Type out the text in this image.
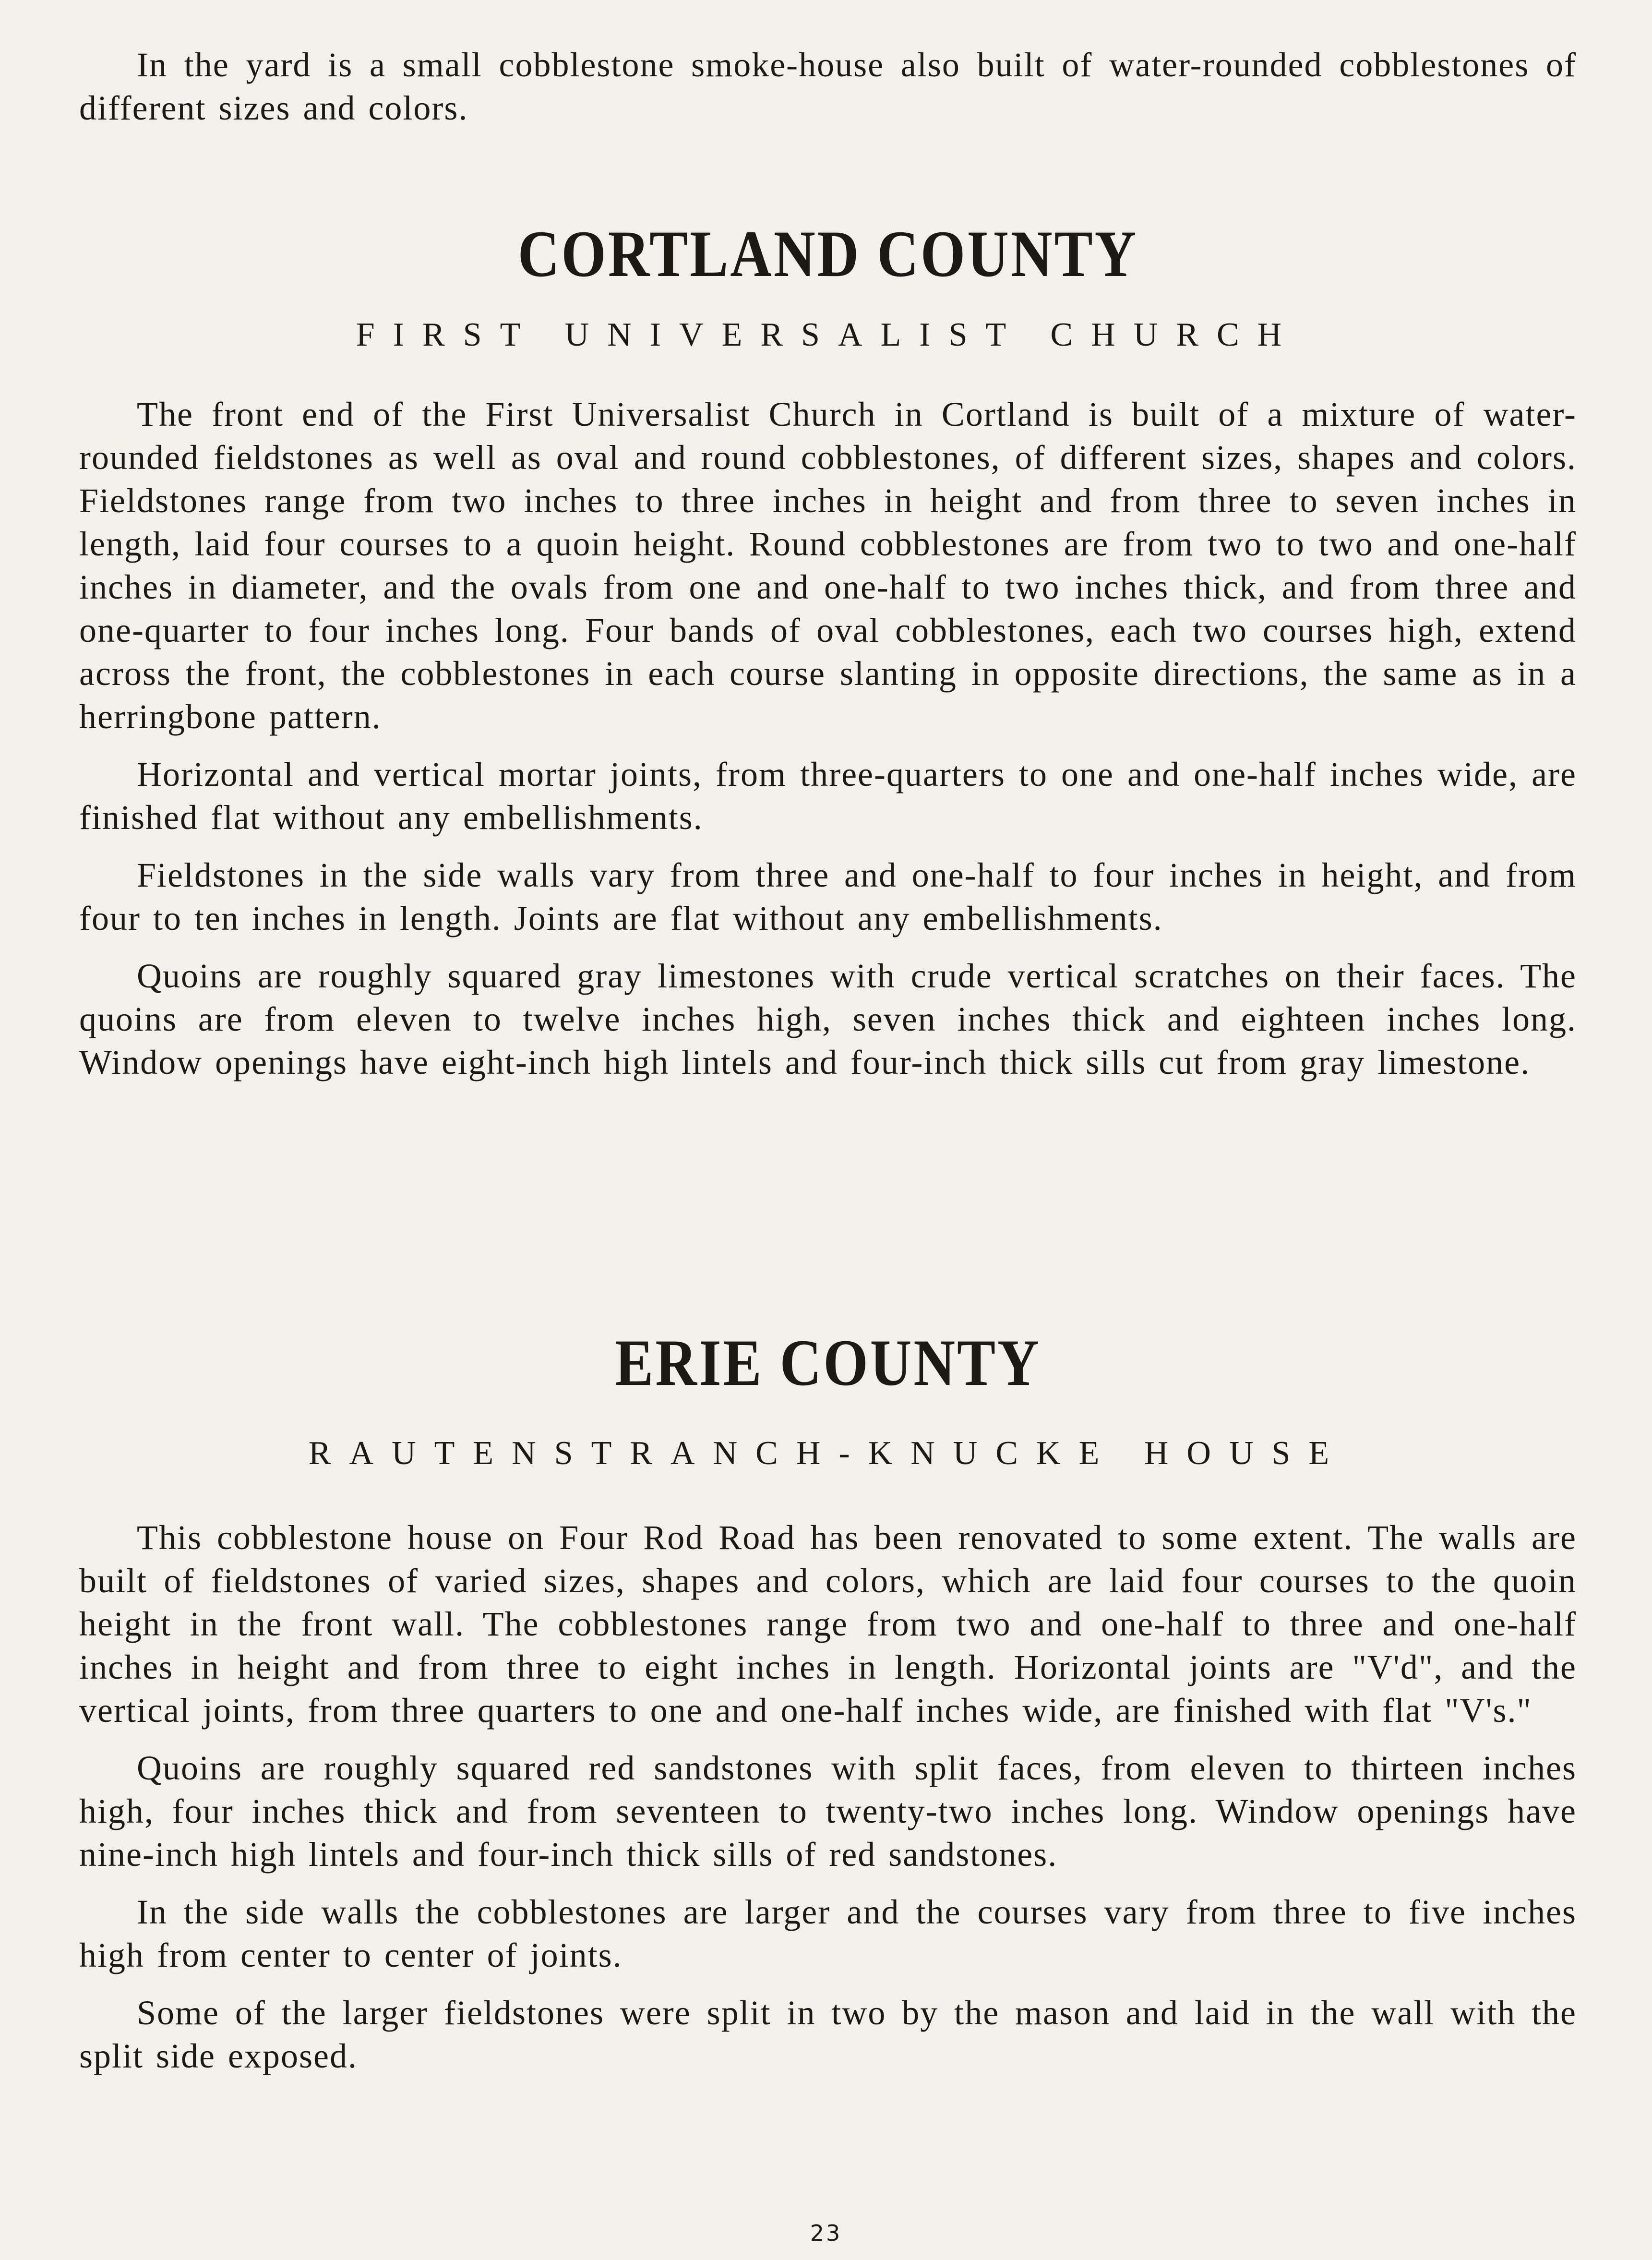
In the yard is a small cobblestone smoke-house also built of water-rounded cobblestones of different sizes and colors.

CORTLAND COUNTY
FIRST UNIVERSALIST CHURCH

The front end of the First Universalist Church in Cortland is built of a mixture of water-rounded fieldstones as well as oval and round cobblestones, of different sizes, shapes and colors. Fieldstones range from two inches to three inches in height and from three to seven inches in length, laid four courses to a quoin height. Round cobblestones are from two to two and one-half inches in diameter, and the ovals from one and one-half to two inches thick, and from three and one-quarter to four inches long. Four bands of oval cobblestones, each two courses high, extend across the front, the cobblestones in each course slanting in opposite directions, the same as in a herringbone pattern.

Horizontal and vertical mortar joints, from three-quarters to one and one-half inches wide, are finished flat without any embellishments.

Fieldstones in the side walls vary from three and one-half to four inches in height, and from four to ten inches in length. Joints are flat without any embellishments.

Quoins are roughly squared gray limestones with crude vertical scratches on their faces. The quoins are from eleven to twelve inches high, seven inches thick and eighteen inches long. Window openings have eight-inch high lintels and four-inch thick sills cut from gray limestone.

ERIE COUNTY
RAUTENSTRANCH-KNUCKE HOUSE

This cobblestone house on Four Rod Road has been renovated to some extent. The walls are built of fieldstones of varied sizes, shapes and colors, which are laid four courses to the quoin height in the front wall. The cobblestones range from two and one-half to three and one-half inches in height and from three to eight inches in length. Horizontal joints are "V'd", and the vertical joints, from three quarters to one and one-half inches wide, are finished with flat "V's."

Quoins are roughly squared red sandstones with split faces, from eleven to thirteen inches high, four inches thick and from seventeen to twenty-two inches long. Window openings have nine-inch high lintels and four-inch thick sills of red sandstones.

In the side walls the cobblestones are larger and the courses vary from three to five inches high from center to center of joints.

Some of the larger fieldstones were split in two by the mason and laid in the wall with the split side exposed.

23
